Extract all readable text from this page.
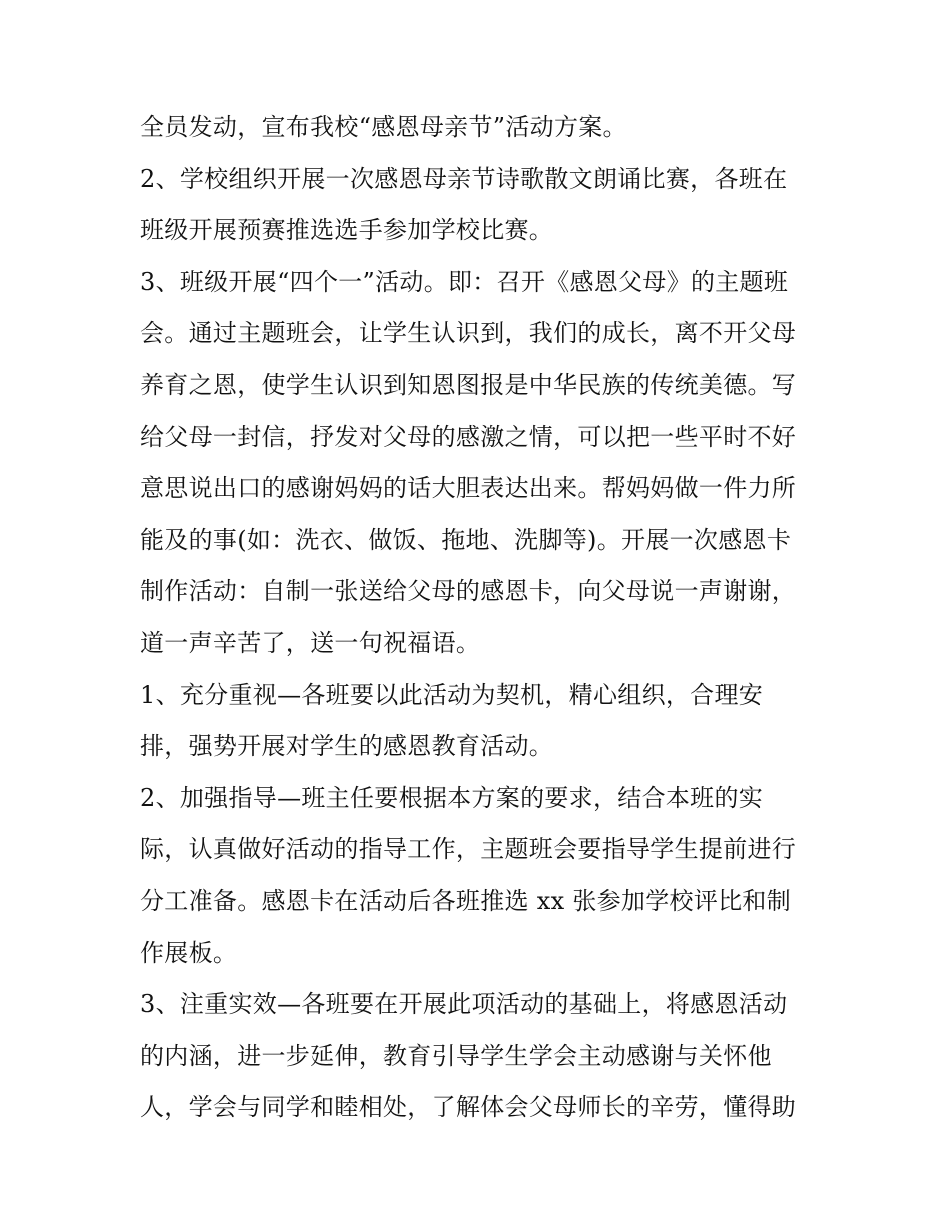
全员发动，宣布我校“感恩母亲节”活动方案。
2、学校组织开展一次感恩母亲节诗歌散文朗诵比赛，各班在
班级开展预赛推选选手参加学校比赛。
3、班级开展“四个一”活动。即：召开《感恩父母》的主题班
会。通过主题班会，让学生认识到，我们的成长，离不开父母
养育之恩，使学生认识到知恩图报是中华民族的传统美德。写
给父母一封信，抒发对父母的感激之情，可以把一些平时不好
意思说出口的感谢妈妈的话大胆表达出来。帮妈妈做一件力所
能及的事(如：洗衣、做饭、拖地、洗脚等)。开展一次感恩卡
制作活动：自制一张送给父母的感恩卡，向父母说一声谢谢，
道一声辛苦了，送一句祝福语。
1、充分重视—各班要以此活动为契机，精心组织，合理安
排，强势开展对学生的感恩教育活动。
2、加强指导—班主任要根据本方案的要求，结合本班的实
际，认真做好活动的指导工作，主题班会要指导学生提前进行
分工准备。感恩卡在活动后各班推选 xx 张参加学校评比和制
作展板。
3、注重实效—各班要在开展此项活动的基础上，将感恩活动
的内涵，进一步延伸，教育引导学生学会主动感谢与关怀他
人，学会与同学和睦相处，了解体会父母师长的辛劳，懂得助
